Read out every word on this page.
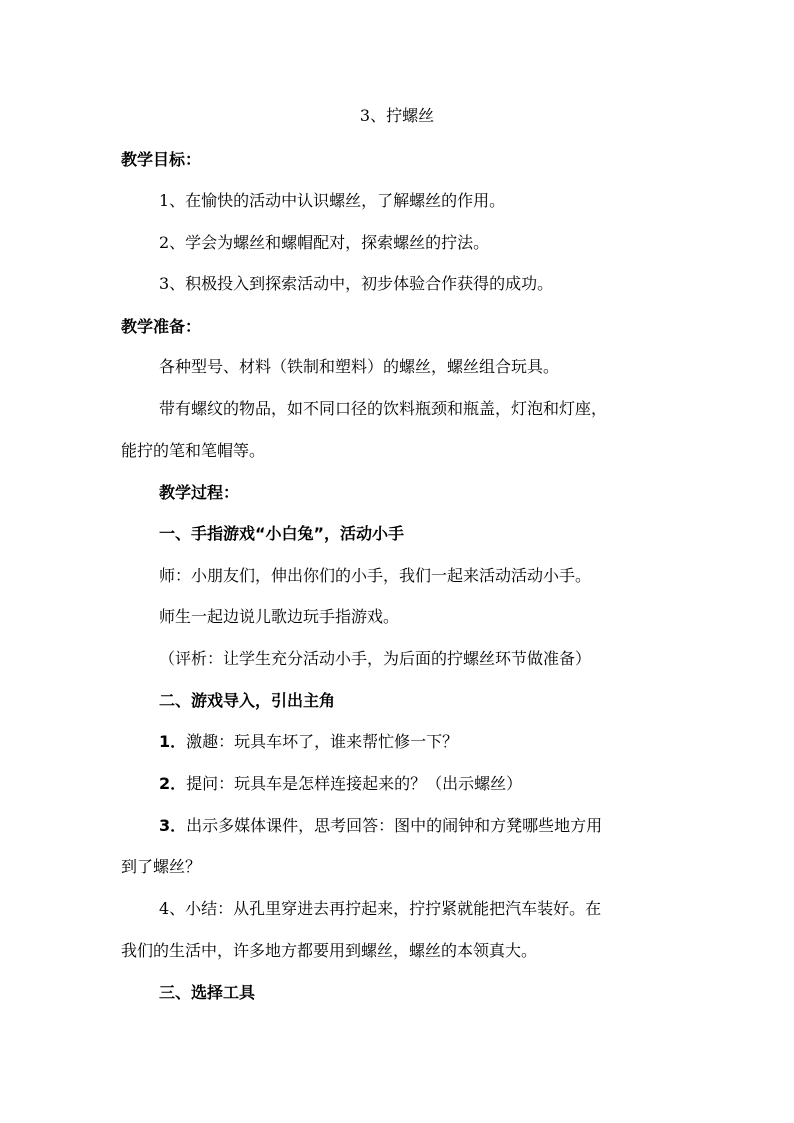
3、拧螺丝
教学目标：
1、在愉快的活动中认识螺丝，了解螺丝的作用。
2、学会为螺丝和螺帽配对，探索螺丝的拧法。
3、积极投入到探索活动中，初步体验合作获得的成功。
教学准备：
各种型号、材料（铁制和塑料）的螺丝，螺丝组合玩具。
带有螺纹的物品，如不同口径的饮料瓶颈和瓶盖，灯泡和灯座，
能拧的笔和笔帽等。
教学过程：
一、手指游戏“小白兔”，活动小手
师：小朋友们，伸出你们的小手，我们一起来活动活动小手。
师生一起边说儿歌边玩手指游戏。
（评析：让学生充分活动小手，为后面的拧螺丝环节做准备）
二、游戏导入，引出主角
1．激趣：玩具车坏了，谁来帮忙修一下？
2．提问：玩具车是怎样连接起来的？（出示螺丝）
3．出示多媒体课件，思考回答：图中的闹钟和方凳哪些地方用
到了螺丝？
4、小结：从孔里穿进去再拧起来，拧拧紧就能把汽车装好。在
我们的生活中，许多地方都要用到螺丝，螺丝的本领真大。
三、选择工具
